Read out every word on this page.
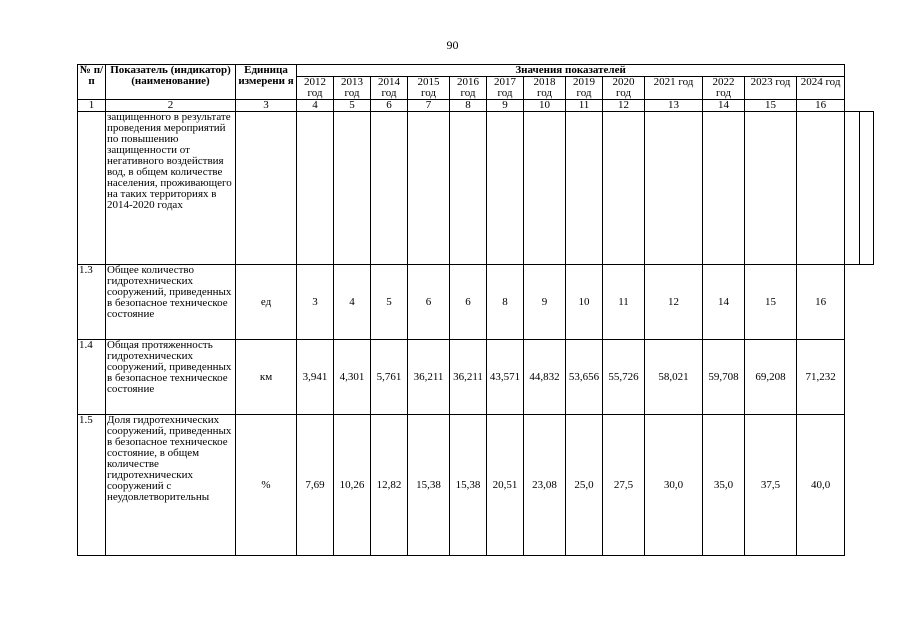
90
№ п/п	Показатель (индикатор) (наименование)	Единица измерени я	Значения показателей														
			2012 год	2013 год	2014 год	2015 год	2016 год	2017 год	2018 год	2019 год	2020 год	2021 год	2022 год	2023 год	2024 год		
1	2	3	4	5	6	7	8	9	10	11	12	13	14	15	16		
	защищенного в результате проведения мероприятий по повышению защищенности от негативного воздействия вод, в общем количестве населения, проживающего на таких территориях в 2014-2020 годах																
1.3	Общее количество гидротехнических сооружений, приведенных в безопасное техническое состояние	ед	3	4	5	6	6	8	9	10	11	12	14	15	16		
1.4	Общая протяженность гидротехнических сооружений, приведенных в безопасное техническое состояние	км	3,941	4,301	5,761	36,211	36,211	43,571	44,832	53,656	55,726	58,021	59,708	69,208	71,232		
1.5	Доля гидротехнических сооружений, приведенных в безопасное техническое состояние, в общем количестве гидротехнических сооружений с неудовлетворительны	%	7,69	10,26	12,82	15,38	15,38	20,51	23,08	25,0	27,5	30,0	35,0	37,5	40,0		
